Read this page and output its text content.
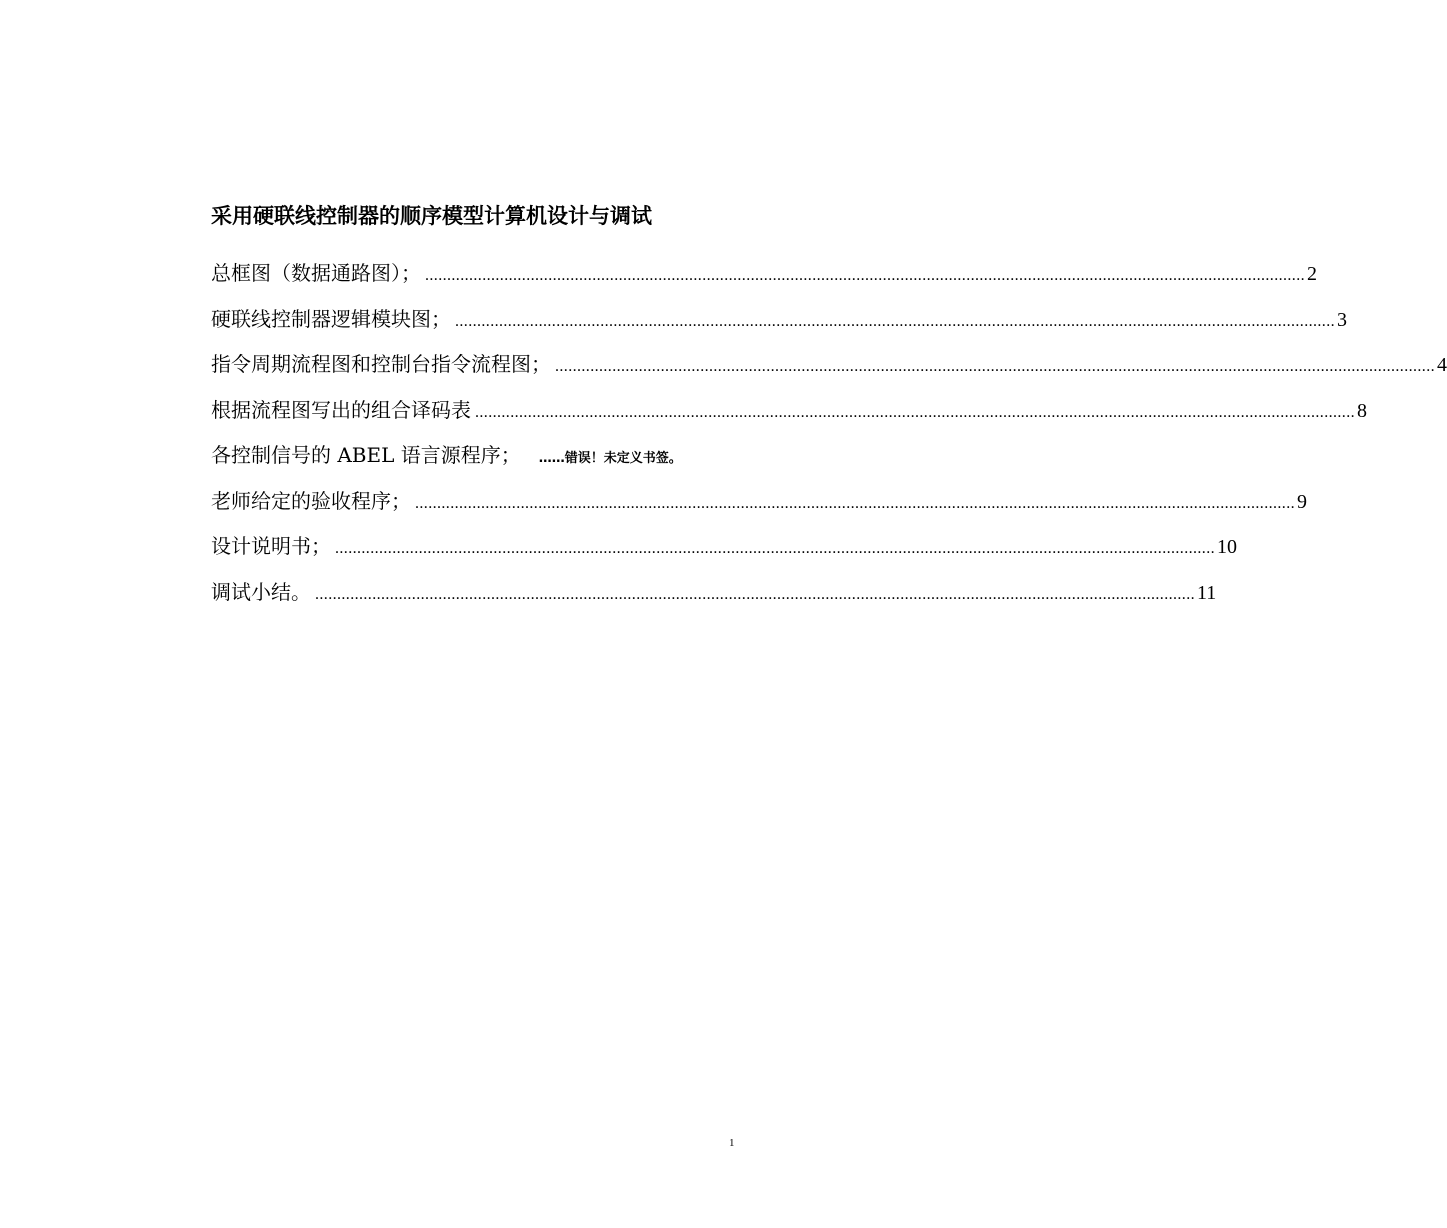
采用硬联线控制器的顺序模型计算机设计与调试
总框图（数据通路图）； ........................................................................................................................................................................................................ 2
硬联线控制器逻辑模块图； ........................................................................................................................................................................................................ 3
指令周期流程图和控制台指令流程图； ........................................................................................................................................................................................................ 4
根据流程图写出的组合译码表 ........................................................................................................................................................................................................ 8
各控制信号的 ABEL 语言源程序； ……错误！未定义书签。
老师给定的验收程序； ........................................................................................................................................................................................................ 9
设计说明书； ........................................................................................................................................................................................................ 10
调试小结。 ........................................................................................................................................................................................................ 11
1
